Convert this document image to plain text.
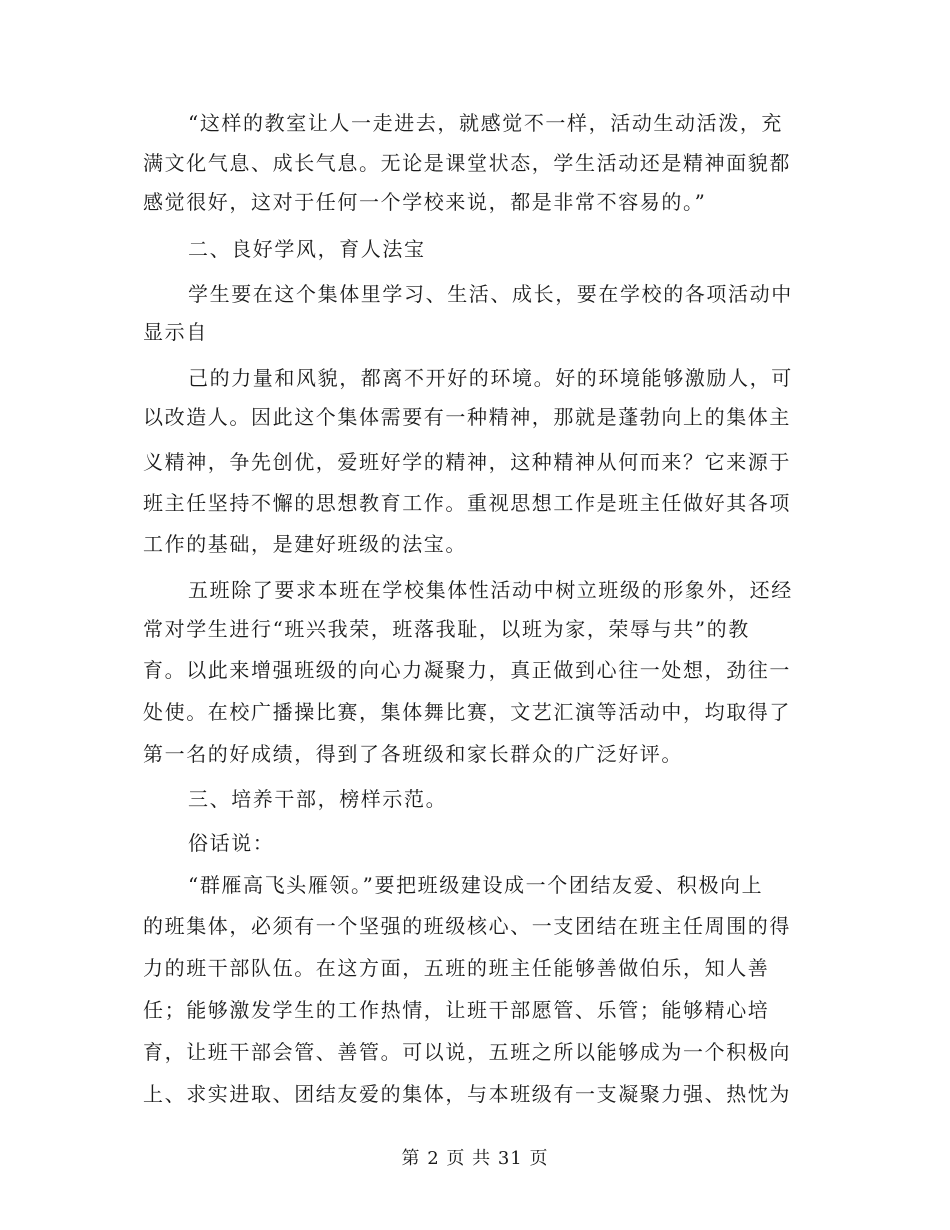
“这样的教室让人一走进去，就感觉不一样，活动生动活泼，充
满文化气息、成长气息。无论是课堂状态，学生活动还是精神面貌都
感觉很好，这对于任何一个学校来说，都是非常不容易的。”
二、良好学风，育人法宝
学生要在这个集体里学习、生活、成长，要在学校的各项活动中
显示自
己的力量和风貌，都离不开好的环境。好的环境能够激励人，可
以改造人。因此这个集体需要有一种精神，那就是蓬勃向上的集体主
义精神，争先创优，爱班好学的精神，这种精神从何而来？它来源于
班主任坚持不懈的思想教育工作。重视思想工作是班主任做好其各项
工作的基础，是建好班级的法宝。
五班除了要求本班在学校集体性活动中树立班级的形象外，还经
常对学生进行“班兴我荣，班落我耻，以班为家，荣辱与共”的教
育。以此来增强班级的向心力凝聚力，真正做到心往一处想，劲往一
处使。在校广播操比赛，集体舞比赛，文艺汇演等活动中，均取得了
第一名的好成绩，得到了各班级和家长群众的广泛好评。
三、培养干部，榜样示范。
俗话说：
“群雁高飞头雁领。”要把班级建设成一个团结友爱、积极向上
的班集体，必须有一个坚强的班级核心、一支团结在班主任周围的得
力的班干部队伍。在这方面，五班的班主任能够善做伯乐，知人善
任；能够激发学生的工作热情，让班干部愿管、乐管；能够精心培
育，让班干部会管、善管。可以说，五班之所以能够成为一个积极向
上、求实进取、团结友爱的集体，与本班级有一支凝聚力强、热忱为
第 2 页 共 31 页
